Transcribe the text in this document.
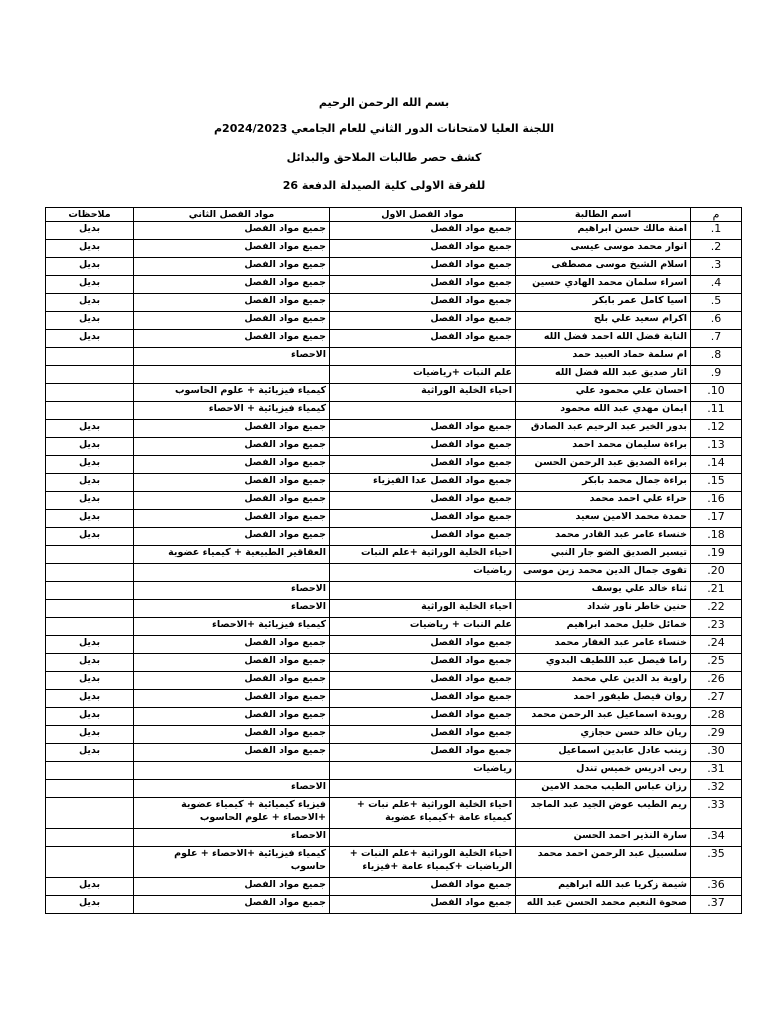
بسم الله الرحمن الرحيم
اللجنة العليا لامتحانات الدور الثاني للعام الجامعي 2024/2023م
كشف حصر طالبات الملاحق والبدائل
للفرقة الاولى كلية الصيدلة الدفعة 26
م	اسم الطالبة	مواد الفصل الاول	مواد الفصل الثاني	ملاحظات
1.	امنة مالك حسن ابراهيم	جميع مواد الفصل	جميع مواد الفصل	بديل
2.	انوار محمد موسى عيسى	جميع مواد الفصل	جميع مواد الفصل	بديل
3.	اسلام الشيخ موسى مصطفى	جميع مواد الفصل	جميع مواد الفصل	بديل
4.	اسراء سلمان محمد الهادي حسين	جميع مواد الفصل	جميع مواد الفصل	بديل
5.	اسيا كامل عمر بابكر	جميع مواد الفصل	جميع مواد الفصل	بديل
6.	اكرام سعيد علي بلح	جميع مواد الفصل	جميع مواد الفصل	بديل
7.	النابة فضل الله احمد فضل الله	جميع مواد الفصل	جميع مواد الفصل	بديل
8.	ام سلمة حماد العبيد حمد		الاحصاء	
9.	اثار صديق عبد الله فضل الله	علم النبات +رياضيات		
10.	احسان علي محمود علي	احياء الخلية الوراثية	كيمياء فيزيائية + علوم الحاسوب	
11.	ايمان مهدي عبد الله محمود		كيمياء فيزيائية + الاحصاء	
12.	بدور الخير عبد الرحيم عبد الصادق	جميع مواد الفصل	جميع مواد الفصل	بديل
13.	براءة سليمان محمد احمد	جميع مواد الفصل	جميع مواد الفصل	بديل
14.	براءة الصديق عبد الرحمن الحسن	جميع مواد الفصل	جميع مواد الفصل	بديل
15.	براءة جمال محمد بابكر	جميع مواد الفصل عدا الفيزياء	جميع مواد الفصل	بديل
16.	حراء علي احمد محمد	جميع مواد الفصل	جميع مواد الفصل	بديل
17.	حمدة محمد الامين سعيد	جميع مواد الفصل	جميع مواد الفصل	بديل
18.	خنساء عامر عبد القادر محمد	جميع مواد الفصل	جميع مواد الفصل	بديل
19.	تيسير الصديق الضو جار النبي	احياء الخلية الوراثية +علم النبات	العقاقير الطبيعية + كيمياء عضوية	
20.	تقوى جمال الدين محمد زين موسى	رياضيات		
21.	ثناء خالد علي يوسف		الاحصاء	
22.	حنين خاطر ناور شداد	احياء الخلية الوراثية	الاحصاء	
23.	خمائل خليل محمد ابراهيم	علم النبات + رياضيات	كيمياء فيزيائية +الاحصاء	
24.	خنساء عامر عبد الغفار محمد	جميع مواد الفصل	جميع مواد الفصل	بديل
25.	راما فيصل عبد اللطيف البدوي	جميع مواد الفصل	جميع مواد الفصل	بديل
26.	راوية بد الدين علي محمد	جميع مواد الفصل	جميع مواد الفصل	بديل
27.	روان فيصل طيفور احمد	جميع مواد الفصل	جميع مواد الفصل	بديل
28.	رويدة اسماعيل عبد الرحمن محمد	جميع مواد الفصل	جميع مواد الفصل	بديل
29.	ريان خالد حسن حجازي	جميع مواد الفصل	جميع مواد الفصل	بديل
30.	زينب عادل عابدين اسماعيل	جميع مواد الفصل	جميع مواد الفصل	بديل
31.	ربى ادريس خميس تندل	رياضيات		
32.	رزان عباس الطيب محمد الامين		الاحصاء	
33.	ريم الطيب عوض الجيد عبد الماجد	احياء الخلية الوراثية +علم نبات + كيمياء عامة +كيمياء عضوية	فيزياء كيميائية + كيمياء عضوية +الاحصاء + علوم الحاسوب	
34.	سارة النذير احمد الحسن		الاحصاء	
35.	سلسبيل عبد الرحمن احمد محمد	احياء الخلية الوراثية +علم النبات + الرياضيات +كيمياء عامة +فيزياء	كيمياء فيزيائية +الاحصاء + علوم حاسوب	
36.	شيمة زكريا عبد الله ابراهيم	جميع مواد الفصل	جميع مواد الفصل	بديل
37.	صحوة النعيم محمد الحسن عبد الله	جميع مواد الفصل	جميع مواد الفصل	بديل
